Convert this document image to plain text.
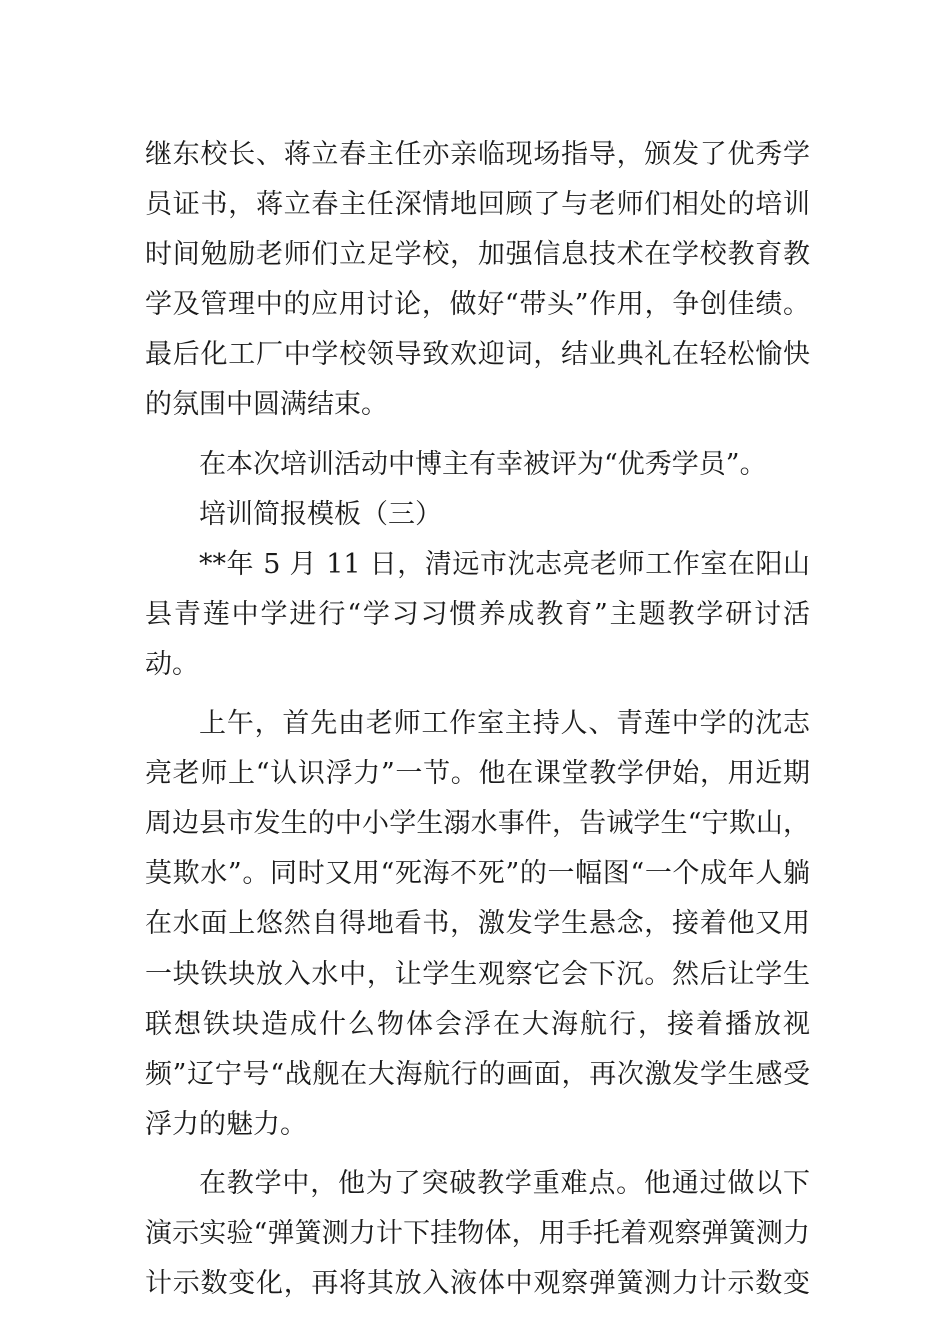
继东校长、蒋立春主任亦亲临现场指导，颁发了优秀学员证书，蒋立春主任深情地回顾了与老师们相处的培训时间勉励老师们立足学校，加强信息技术在学校教育教学及管理中的应用讨论，做好“带头”作用，争创佳绩。最后化工厂中学校领导致欢迎词，结业典礼在轻松愉快的氛围中圆满结束。

在本次培训活动中博主有幸被评为“优秀学员”。

培训简报模板（三）

**年 5 月 11 日，清远市沈志亮老师工作室在阳山县青莲中学进行“学习习惯养成教育”主题教学研讨活动。

上午，首先由老师工作室主持人、青莲中学的沈志亮老师上“认识浮力”一节。他在课堂教学伊始，用近期周边县市发生的中小学生溺水事件，告诫学生“宁欺山，莫欺水”。同时又用“死海不死”的一幅图“一个成年人躺在水面上悠然自得地看书，激发学生悬念，接着他又用一块铁块放入水中，让学生观察它会下沉。然后让学生联想铁块造成什么物体会浮在大海航行，接着播放视频”辽宁号“战舰在大海航行的画面，再次激发学生感受浮力的魅力。

在教学中，他为了突破教学重难点。他通过做以下演示实验“弹簧测力计下挂物体，用手托着观察弹簧测力计示数变化，再将其放入液体中观察弹簧测力计示数变
